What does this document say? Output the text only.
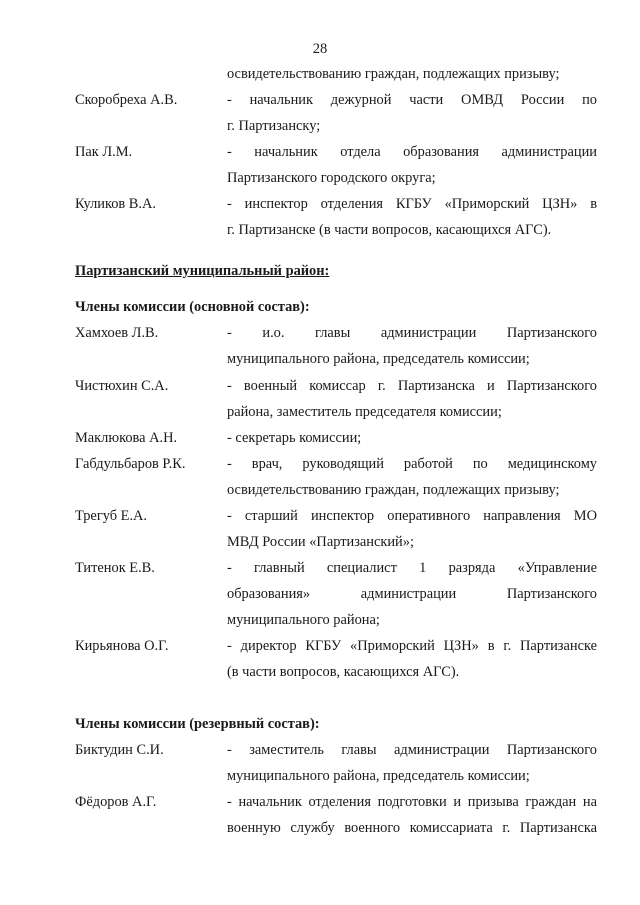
28
освидетельствованию граждан, подлежащих призыву;
Скоробреха А.В.	- начальник дежурной части ОМВД России по
г. Партизанску;
Пак Л.М.	- начальник отдела образования администрации
Партизанского городского округа;
Куликов В.А.	- инспектор отделения КГБУ «Приморский ЦЗН» в
г. Партизанске (в части вопросов, касающихся АГС).
Партизанский муниципальный район:
Члены комиссии (основной состав):
Хамхоев Л.В.	- и.о. главы администрации Партизанского
муниципального района, председатель комиссии;
Чистюхин С.А.	- военный комиссар г. Партизанска и Партизанского
района, заместитель председателя комиссии;
Маклюкова А.Н.	- секретарь комиссии;
Габдульбаров Р.К.	- врач, руководящий работой по медицинскому
освидетельствованию граждан, подлежащих призыву;
Трегуб Е.А.	- старший инспектор оперативного направления МО
МВД России «Партизанский»;
Титенок Е.В.	- главный специалист 1 разряда «Управление
образования» администрации Партизанского
муниципального района;
Кирьянова О.Г.	- директор КГБУ «Приморский ЦЗН» в г. Партизанске
(в части вопросов, касающихся АГС).
Члены комиссии (резервный состав):
Биктудин С.И.	- заместитель главы администрации Партизанского
муниципального района, председатель комиссии;
Фёдоров А.Г.	- начальник отделения подготовки и призыва граждан на
военную службу военного комиссариата г. Партизанска
